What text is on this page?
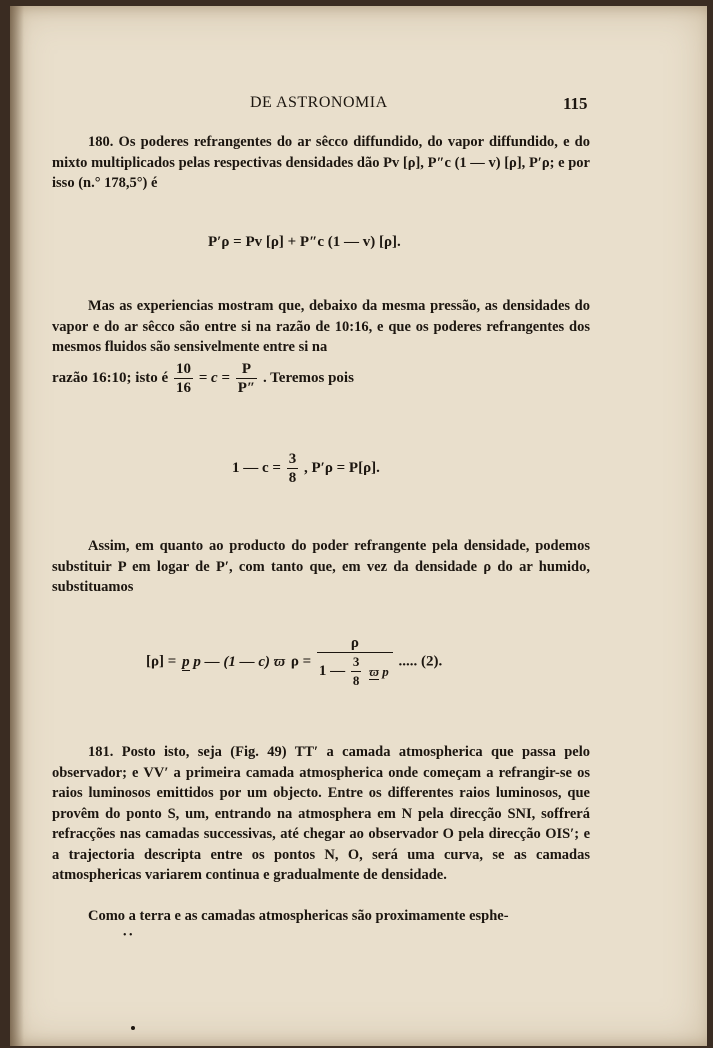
DE ASTRONOMIA	115
180. Os poderes refrangentes do ar sêcco diffundido, do vapor diffundido, e do mixto multiplicados pelas respectivas densidades dão Pv [ρ], P″c (1 — v) [ρ], P′ρ; e por isso (n.° 178,5°) é
P′ρ = Pv [ρ] + P″c (1 — v) [ρ].
Mas as experiencias mostram que, debaixo da mesma pressão, as densidades do vapor e do ar sêcco são entre si na razão de 10:16, e que os poderes refrangentes dos mesmos fluidos são sensivelmente entre si na
razão 16:10; isto é $\frac{10}{16} = c = \frac{P}{P''}$ . Teremos pois
1 — $c = \frac{3}{8}$ , P′ρ = P[ρ].
Assim, em quanto ao producto do poder refrangente pela densidade, podemos substituir P em logar de P′, com tanto que, em vez da densidade ρ do ar humido, substituamos
[ρ] = p p — (1 — c) ϖ ρ =
ρ
1 — $\frac{3}{8}$ ϖ p
..... (2).
181. Posto isto, seja (Fig. 49) TT′ a camada atmospherica que passa pelo observador; e VV′ a primeira camada atmospherica onde começam a refrangir-se os raios luminosos emittidos por um objecto. Entre os differentes raios luminosos, que provêm do ponto S, um, entrando na atmosphera em N pela direcção SNI, soffrerá refracções nas camadas successivas, até chegar ao observador O pela direcção OIS′; e a trajectoria descripta entre os pontos N, O, será uma curva, se as camadas atmosphericas variarem continua e gradualmente de densidade.
Como a terra e as camadas atmosphericas são proximamente esphe-
• •
